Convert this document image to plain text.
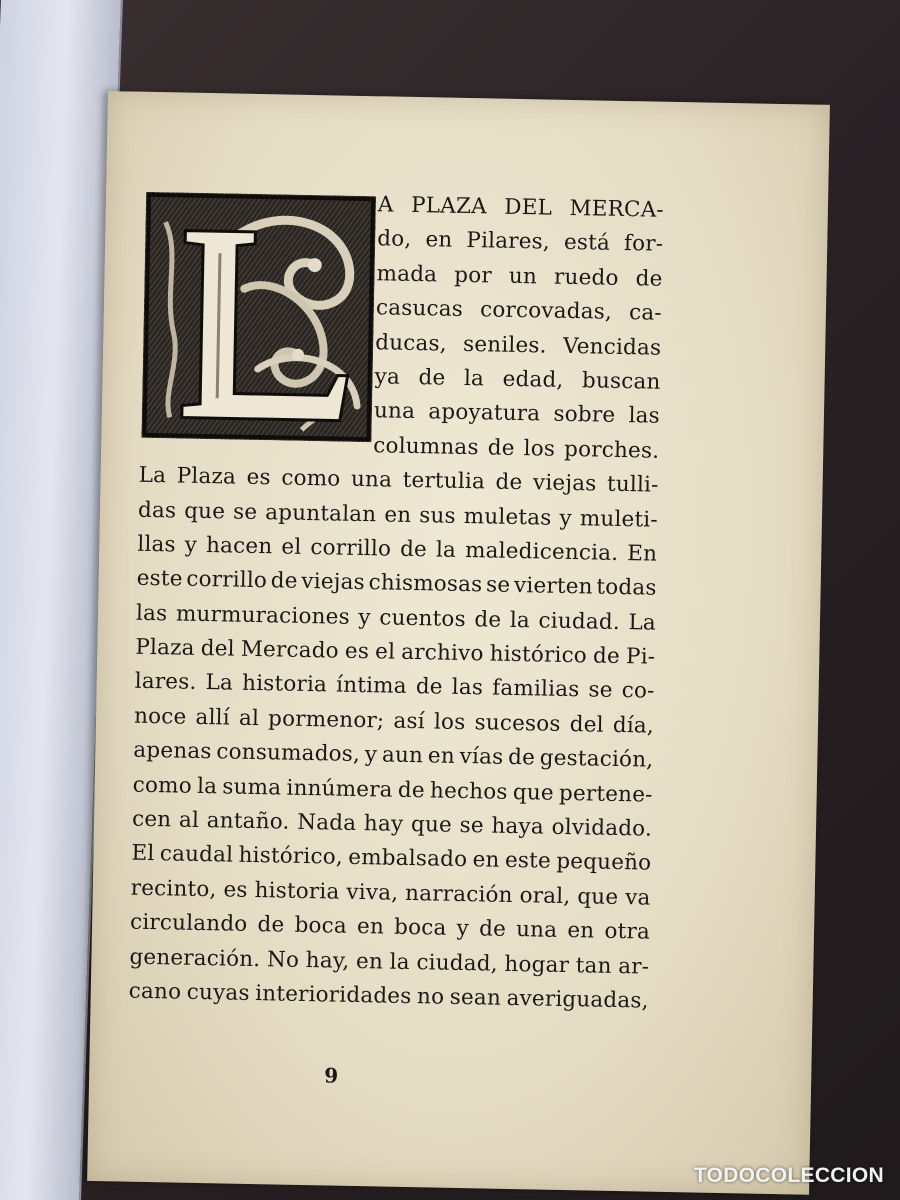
A PLAZA DEL MERCA-
do, en Pilares, está for-
mada por un ruedo de
casucas corcovadas, ca-
ducas, seniles. Vencidas
ya de la edad, buscan
una apoyatura sobre las
columnas de los porches.
La Plaza es como una tertulia de viejas tulli-
das que se apuntalan en sus muletas y muleti-
llas y hacen el corrillo de la maledicencia. En
este corrillo de viejas chismosas se vierten todas
las murmuraciones y cuentos de la ciudad. La
Plaza del Mercado es el archivo histórico de Pi-
lares. La historia íntima de las familias se co-
noce allí al pormenor; así los sucesos del día,
apenas consumados, y aun en vías de gestación,
como la suma innúmera de hechos que pertene-
cen al antaño. Nada hay que se haya olvidado.
El caudal histórico, embalsado en este pequeño
recinto, es historia viva, narración oral, que va
circulando de boca en boca y de una en otra
generación. No hay, en la ciudad, hogar tan ar-
cano cuyas interioridades no sean averiguadas,
9
TODOCOLECCION
